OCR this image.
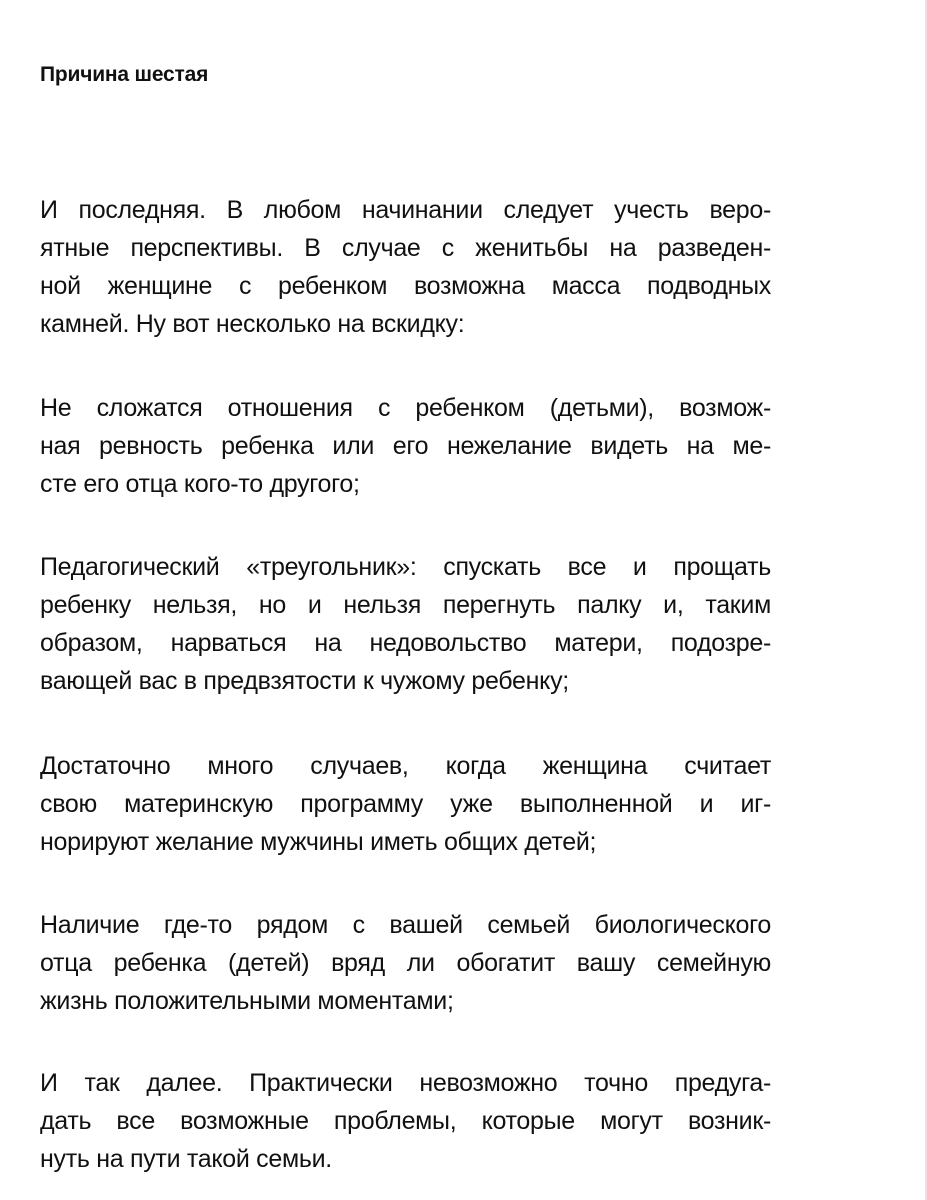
Причина шестая

И последняя. В любом начинании следует учесть веро-
ятные перспективы. В случае с женитьбы на разведен-
ной женщине с ребенком возможна масса подводных
камней. Ну вот несколько на вскидку:

Не сложатся отношения с ребенком (детьми), возмож-
ная ревность ребенка или его нежелание видеть на ме-
сте его отца кого-то другого;

Педагогический «треугольник»: спускать все и прощать
ребенку нельзя, но и нельзя перегнуть палку и, таким
образом, нарваться на недовольство матери, подозре-
вающей вас в предвзятости к чужому ребенку;

Достаточно много случаев, когда женщина считает
свою материнскую программу уже выполненной и иг-
норируют желание мужчины иметь общих детей;

Наличие где-то рядом с вашей семьей биологического
отца ребенка (детей) вряд ли обогатит вашу семейную
жизнь положительными моментами;

И так далее. Практически невозможно точно предуга-
дать все возможные проблемы, которые могут возник-
нуть на пути такой семьи.
